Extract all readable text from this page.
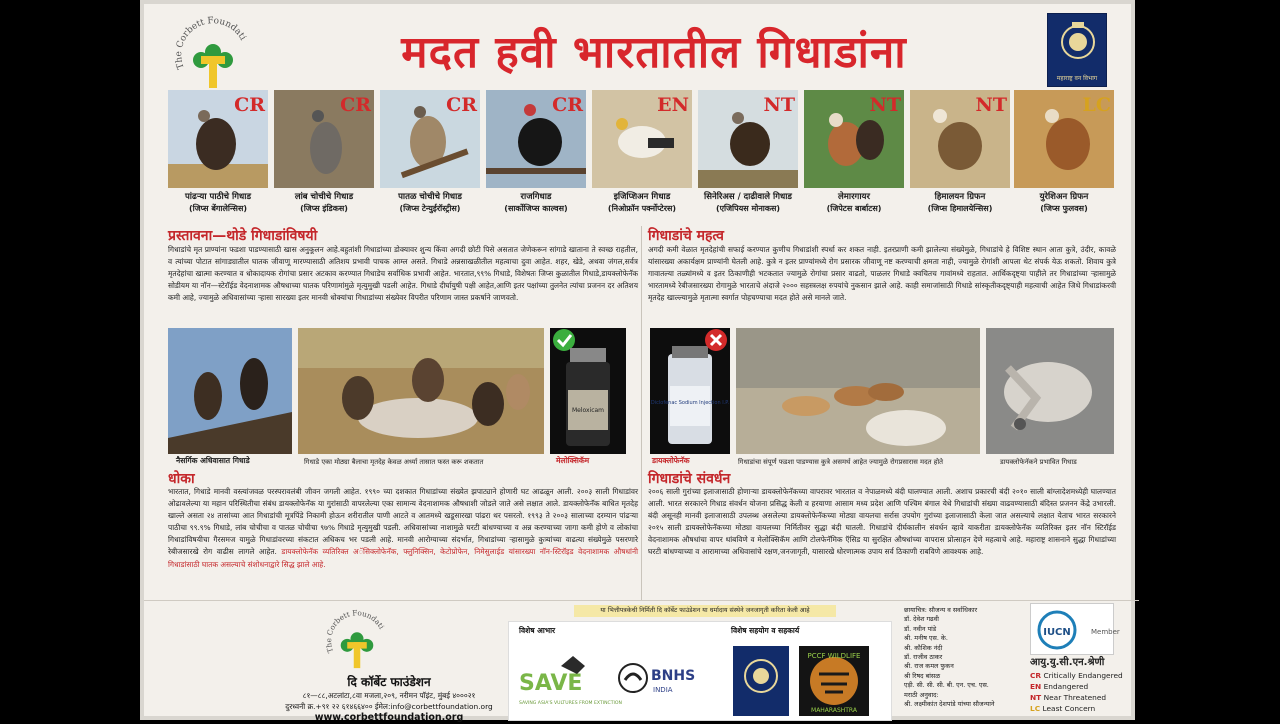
The Corbett Foundati	मदत हवी भारतातील गिधाडांना
महाराष्ट्र वन विभाग
CR
पांढऱ्या पाठीचे गिधाड
(जिप्स बेंगालेन्सिस)
CR
लांब चोचीचे गिधाड
(जिप्स इंडिकस)
CR
पातळ चोचीचे गिधाड
(जिप्स टेन्युईरॉस्ट्रीस)
CR
राजगिधाड
(सार्कोजिप्स काल्वस)
EN
इजिप्शिअन गिधाड
(निओफ्रॉन पर्क्नोप्टेरस)
NT
सिनेरिअस / दाढीवाले गिधाड
(एजिपियस मोनाकस)
NT
लेमारगायर
(जिपेटस बार्बाटस)
NT
हिमालयन ग्रिफन
(जिप्स हिमालयेन्सिस)
LC
युरेशिअन ग्रिफन
(जिप्स फुलवस)
प्रस्तावना—थोडे गिधाडांविषयी
गिधाडांचे मृत प्राण्यांना फडशा पाडण्यासाठी खास अनुकूलन आहे.बहुतांशी गिधाडांच्या डोक्यावर शुन्य किंवा अगदी छोटी पिसे असतात जेणेकरून सांगाडे खाताना ते स्वच्छ राहतील, व त्यांच्या पोटात सांगाड्यातील घातक जीवाणू मारण्यासाठी अतिशय प्रभावी पाचक आम्ल असते. गिधाडे अन्नसाखळीतील महत्वाचा दुवा आहेत. शहर, खेडे, अथवा जंगल,सर्वत्र मृतदेहांचा खात्मा करण्यात व धोकादायक रोगांचा प्रसार अटकाव करण्यात गिधाडेच सर्वाधिक प्रभावी आहेत. भारतात,९९% गिधाडे, विशेषतः जिप्स कुळातील गिधाडे,डायक्लोफेनॅक सोडीयम या नॉन—स्टेरॉईड वेदनाशामक औषधाच्या घातक परिणामांमुळे मृत्युमुखी पडली आहेत. गिधाडे दीर्घायुषी पक्षी आहेत,आणि इतर पक्षांच्या तुलनेत त्यांचा प्रजनन दर अतिशय कमी आहे, ज्यामुळे अधिवासांच्या ऱ्हासा सारख्या इतर मानवी धोक्यांचा गिधाडांच्या संख्येवर विपरीत परिणाम जास्त प्रकर्षाने जाणवतो.
गिधाडांचे महत्व
अगदी कमी वेळात मृतदेहांची सफाई करण्यात कुणीच गिधाडांशी स्पर्धा कर शकत नाही. इतरप्राणी कमी झालेल्या संख्येमुळे, गिधाडांचे हे विशिष्ट स्थान आता कुत्रे, उंदीर, कावळे यांसारख्या अकार्यक्षम प्राण्यांनी घेतली आहे. कुत्रे न इतर प्राण्यांमध्ये रोग प्रसारक जीवाणू नष्ट करण्याची क्षमता नाही, ज्यामुळे रोगांशी आपला थेट संपर्क येऊ शकतो. शिवाय कुत्रे गावातल्या तळ्यांमध्ये व इतर ठिकाणीही भटकतात ज्यामुळे रोगांचा प्रसार वाढतो, पाळलर गिधाडे क्वचितच गावांमध्ये राहतात. आर्थिकदृष्ट्या पाहीले तर गिधाडांच्या ऱ्हासामुळे भारतामध्ये रेबीजसारख्या रोगामुळे भारताचे अंदाजे २००० सहस्त्रलक्ष रुपयांचे नुकसान झाले आहे. काही समाजांसाठी गिधाडे सांस्कृतीकदृष्ट्याही महत्वाची आहेत जिथे गिधाडांकरवी मृतदेह खाल्ल्यामुळे मृतात्मा स्वर्गात पोहचण्याचा मदत होते असे मानले जाते.
नैसर्गिक अधिवासात गिधाडे	गिधाडे एका मोठ्या बैलाचा मृतदेह केवळ अर्ध्या तासात फस्त करू शकतात
Meloxicam
मेलोक्सिकॅम
Diclofenac Sodium Injection I.P.
डायक्लोफेनॅक	गिधाडांचा संपूर्ण फडशा पाडण्यास कुत्रे असमर्थ आहेत ज्यामुळे रोगप्रसारास मदत होते	डायक्लोफेनॅकने प्रभावित गिधाड
धोका
भारतात, गिधाडे मानवी वस्त्यांजवळ परस्परावलंबी जीवन जगली आहेत. १९९० च्या दशकात गिधाडांच्या संख्येत झपाट्याने होणारी घट आढळून आली. २००३ साली गिधाडांवर ओढावलेल्या या महान परिस्थितीचा संबंध डायक्लोफेनॅक या गुरांसाठी वापरलेल्या एका सामान्य वेदनाशामक औषधाशी जोडले जाते असे लक्षात आले. डायक्लोफेनॅक बाधित मृतदेह खाल्ले असता २४ तासांच्या आत गिधाडांची मूत्रपिंडे निकामी होऊन शरीरातील पाणी आटते व आतमध्ये खडूसारखा पांढरा थर पसरतो. १९९३ ते २००३ सालाच्या दरम्यान पांढऱ्या पाठीचा ९९.९% गिधाडे, लांब चोचीचा व पातळ चोचीचा ९७% गिधाडे मृत्युमुखी पडली. अधिवासांच्या नाशामुळे घरटी बांधण्याच्या व अन्न करण्याच्या जागा कमी होणे व लोकांचा गिधाडांविषयीचा गैरसमज यामुळे गिधाडांवरच्या संकटात अधिकच भर पडली आहे. मानवी आरोग्याच्या संदर्भात, गिधाडांच्या ऱ्हासामुळे कुत्र्यांच्या वाढत्या संख्येमुळे पसरणारे रेबीजसारखे रोग वाढीस लागले आहेत. डायक्लोफेनॅक व्यतिरिक्त अॅसिक्लोफेनॅक, फ्लुनिक्सिन, केटोप्रोफेन, निमेसुलाईड यांसारख्या नॉन-स्टिरॉइड वेदनाशामक औषधांनी गिधाडांसाठी घातक असल्याचे संशोधनाद्वारे सिद्ध झाले आहे.
गिधाडांचे संवर्धन
२००६ साली गुरांच्या इलाजासाठी होणाऱ्या डायक्लोफेनॅकच्या वापरावर भारतात व नेपाळमध्ये बंदी घालण्यात आली. अशाच प्रकारची बंदी २०१० साली बांग्लादेशमध्येही घालण्यात आली. भारत सरकारने गिधाड संवर्धन योजना प्रसिद्ध केली व हरयाणा आसाम मध्य प्रदेश आणि पश्चिम बंगाल येथे गिधाडांची संख्या वाढवण्यासाठी बंदिस्त प्रजनन केंद्रे उभारली. बंदी असूनही मानवी इलाजासाठी उपलब्ध असलेल्या डायक्लोफेनॅकच्या मोठ्या वायलचा सर्रास उपयोग गुरांच्या इलाजासाठी केला जात असल्याचे लक्षात येताच भारत सरकारने २०१५ साली डायक्लोफेनॅकच्या मोठ्या वायलच्या निर्मितीवर सुद्धा बंदी घातली. गिधाडांचे दीर्घकालीन संवर्धन व्हावे याकरीता डायक्लोफेनॅक व्यतिरिक्त इतर नॉन स्टिरॉईड वेदनाशामक औषधांचा वापर थांबविणे व मेलोक्सिकॅम आणि टोलफेनॅमिक ऍसिड या सुरक्षित औषधांच्या वापरास प्रोत्साहन देणे महत्वाचे आहे. महाराष्ट्र शासनाने सुद्धा गिधाडांच्या घरटी बांधण्याच्या व आरामाच्या अधिवासांचे रक्षण,जनजागृती, यासारखे धोरणात्मक उपाय सर्व ठिकाणी राबविणे आवश्यक आहे.
The Corbett Foundati
दि कॉर्बेट फाउंडेशन
८१—८८,अटलांटा,८वा मजला,२०९, नरीमन पॉइंट, मुंबई ४०००२१
दुरध्वनी क्र.+९१ २२ ६१४६६४०० ईमेल:info@corbettfoundation.org
www.corbettfoundation.org
या भित्तीपत्रकेची निर्मिती दि कॉर्बेट फाउंडेशन या धर्मादाय संस्थेने जनजागृती करिता केली आहे
विशेष आभार	विशेष सहयोग व सहकार्य
SAVE
SAVING ASIA'S VULTURES FROM EXTINCTION
BNHS
INDIA
PCCF WILDLIFE
MAHARASHTRA
छायाचित्र: सौजन्य व सर्वाधिकार
डॉ. देवेश गढवी
डॉ. नवीन पांडे
श्री. मनीष एस. के.
श्री. कौशिक नंदी
डॉ. राजीव ठाकर
श्री. राज कमल फुकन
श्री रिषद बांसळ
एड़ी. सी. सी. सी. बी. एन. एच. एस.
मराठी अनुवाद:
श्री. लक्ष्मीकांत देशपांडे यांच्या सौजन्याने
IUCN	Member
आयु.यु.सी.एन.श्रेणी
CR Critically Endangered
EN Endangered
NT Near Threatened
LC Least Concern
